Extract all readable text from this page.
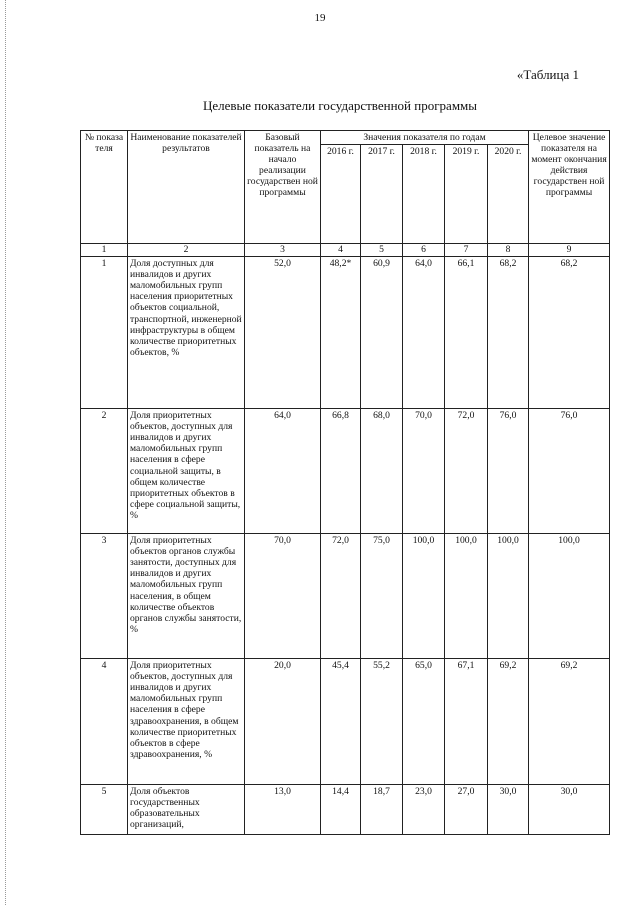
19
«Таблица 1
Целевые показатели государственной программы
№ показа теля	Наименование показателей результатов	Базовый показатель на начало реализации государствен ной программы	Значения показателя по годам					Целевое значение показателя на момент окончания действия государствен ной программы
			2016 г.	2017 г.	2018 г.	2019 г.	2020 г.	
1	2	3	4	5	6	7	8	9
1	Доля доступных для инвалидов и других маломобильных групп населения приоритетных объектов социальной, транспортной, инженерной инфраструктуры в общем количестве приоритетных объектов, %	52,0	48,2*	60,9	64,0	66,1	68,2	68,2
2	Доля приоритетных объектов, доступных для инвалидов и других маломобильных групп населения в сфере социальной защиты, в общем количестве приоритетных объектов в сфере социальной защиты, %	64,0	66,8	68,0	70,0	72,0	76,0	76,0
3	Доля приоритетных объектов органов службы занятости, доступных для инвалидов и других маломобильных групп населения, в общем количестве объектов органов службы занятости, %	70,0	72,0	75,0	100,0	100,0	100,0	100,0
4	Доля приоритетных объектов, доступных для инвалидов и других маломобильных групп населения в сфере здравоохранения, в общем количестве приоритетных объектов в сфере здравоохранения, %	20,0	45,4	55,2	65,0	67,1	69,2	69,2
5	Доля объектов государственных образовательных организаций,	13,0	14,4	18,7	23,0	27,0	30,0	30,0
